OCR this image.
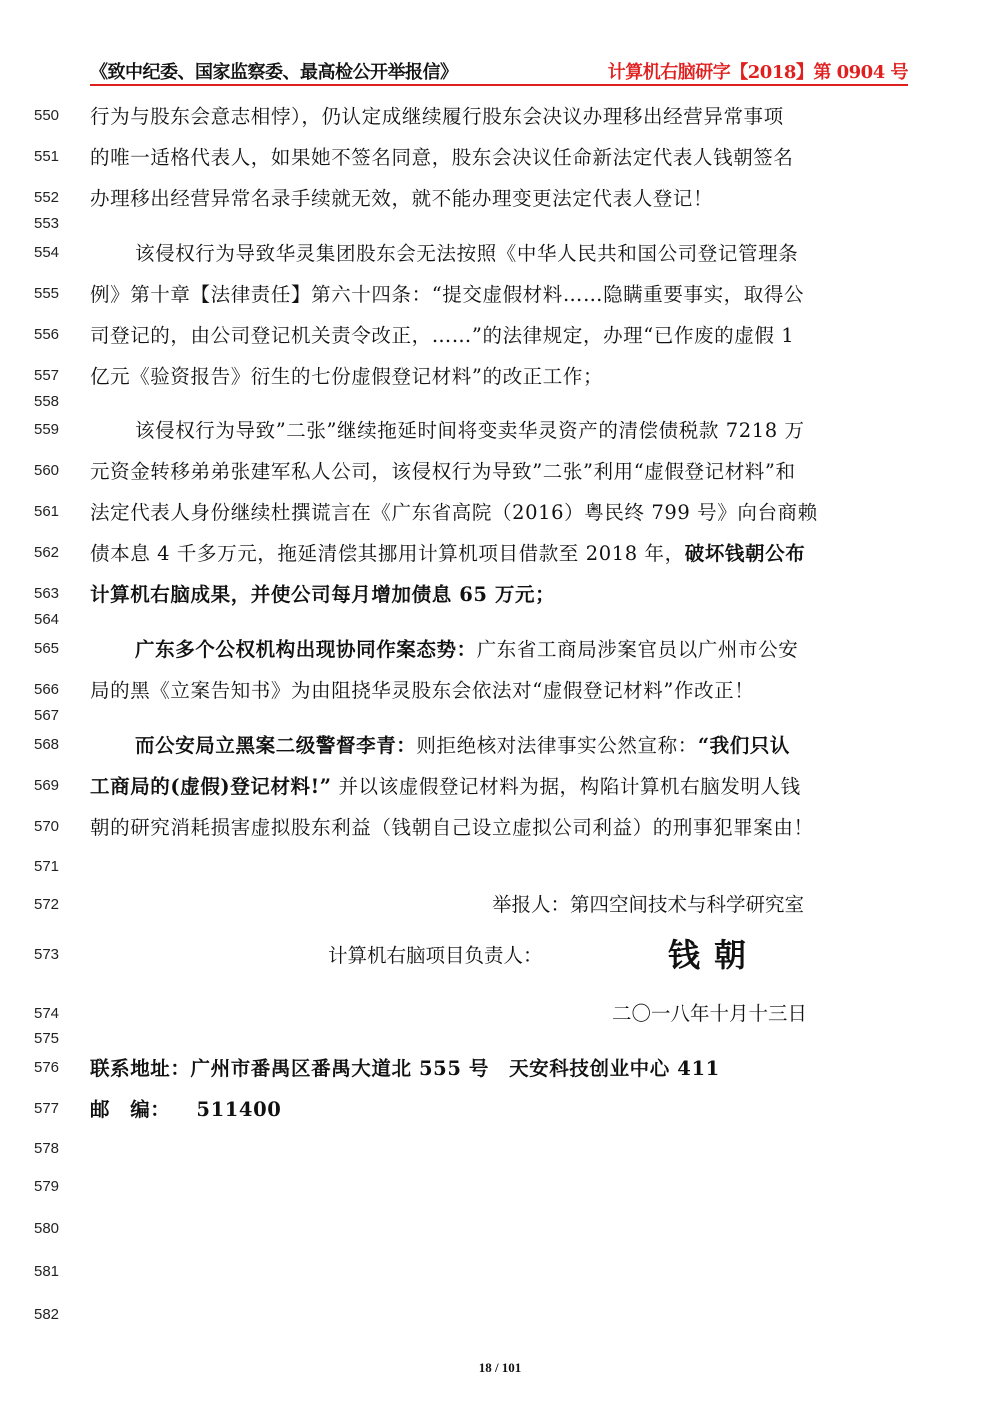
《致中纪委、国家监察委、最高检公开举报信》	计算机右脑研字【2018】第 0904 号
550
551
552
553
554
555
556
557
558
559
560
561
562
563
564
565
566
567
568
569
570
571
572
573
574
575
576
577
578
579
580
581
582
行为与股东会意志相悖），仍认定成继续履行股东会决议办理移出经营异常事项
的唯一适格代表人，如果她不签名同意，股东会决议任命新法定代表人钱朝签名
办理移出经营异常名录手续就无效，就不能办理变更法定代表人登记！
该侵权行为导致华灵集团股东会无法按照《中华人民共和国公司登记管理条
例》第十章【法律责任】第六十四条：“提交虚假材料……隐瞒重要事实，取得公
司登记的，由公司登记机关责令改正，……”的法律规定，办理“已作废的虚假 1
亿元《验资报告》衍生的七份虚假登记材料”的改正工作；
该侵权行为导致”二张”继续拖延时间将变卖华灵资产的清偿债税款 7218 万
元资金转移弟弟张建军私人公司，该侵权行为导致”二张”利用“虚假登记材料”和
法定代表人身份继续杜撰谎言在《广东省高院（2016）粤民终 799 号》向台商赖
债本息 4 千多万元，拖延清偿其挪用计算机项目借款至 2018 年，破坏钱朝公布
计算机右脑成果，并使公司每月增加债息 65 万元；
广东多个公权机构出现协同作案态势：广东省工商局涉案官员以广州市公安
局的黑《立案告知书》为由阻挠华灵股东会依法对“虚假登记材料”作改正！
而公安局立黑案二级警督李青：则拒绝核对法律事实公然宣称：“我们只认
工商局的(虚假)登记材料!” 并以该虚假登记材料为据，构陷计算机右脑发明人钱
朝的研究消耗损害虚拟股东利益（钱朝自己设立虚拟公司利益）的刑事犯罪案由！
举报人：第四空间技术与科学研究室
计算机右脑项目负责人：	钱朝
二〇一八年十月十三日
联系地址：广州市番禺区番禺大道北 555 号　天安科技创业中心 411
邮　编： 511400
18 / 101
